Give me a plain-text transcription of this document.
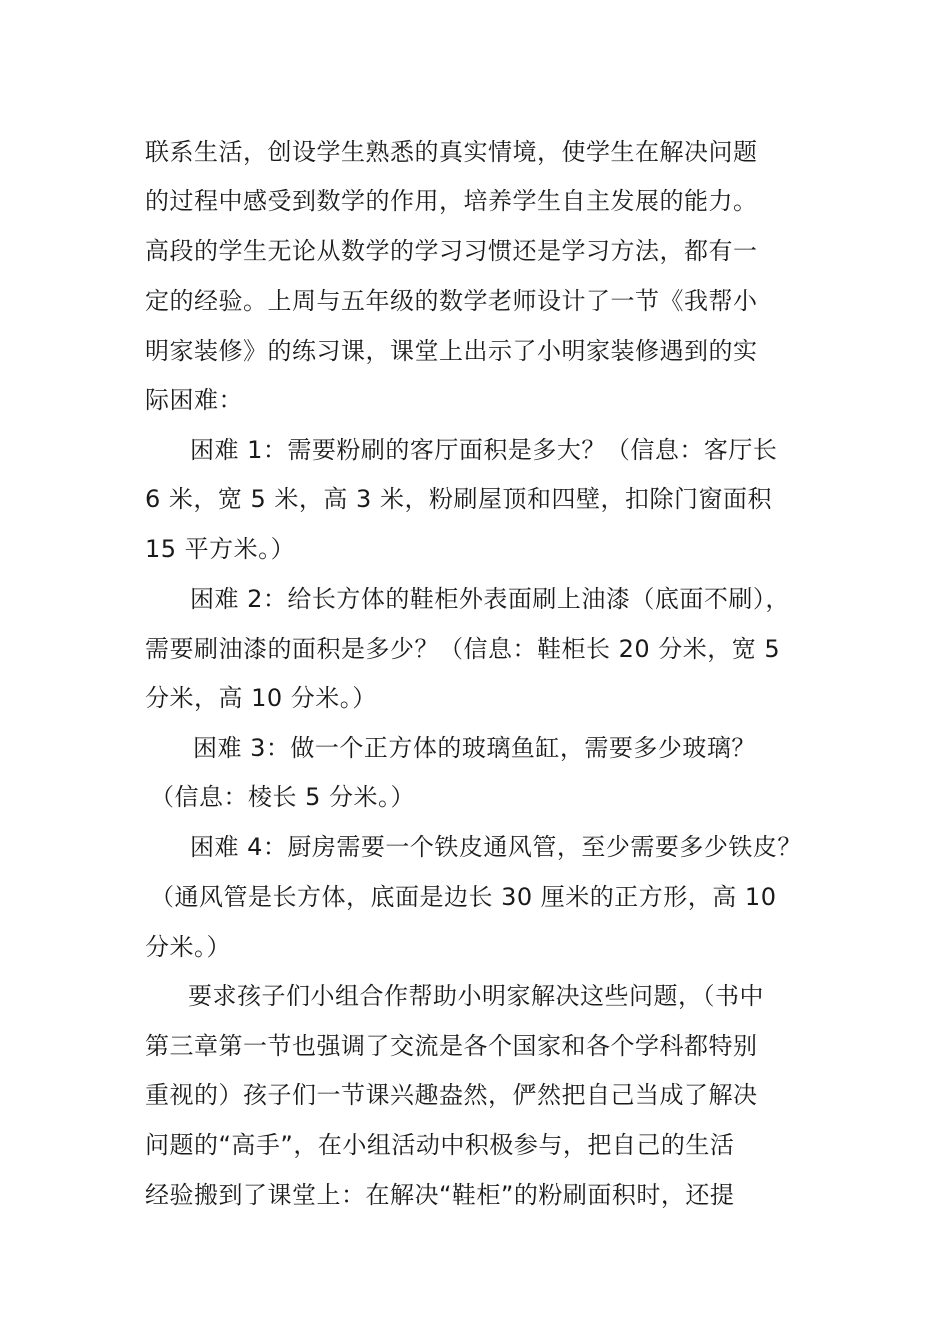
联系生活，创设学生熟悉的真实情境，使学生在解决问题
的过程中感受到数学的作用，培养学生自主发展的能力。
高段的学生无论从数学的学习习惯还是学习方法，都有一
定的经验。上周与五年级的数学老师设计了一节《我帮小
明家装修》的练习课，课堂上出示了小明家装修遇到的实
际困难：
困难 1：需要粉刷的客厅面积是多大？（信息：客厅长
6 米，宽 5 米，高 3 米，粉刷屋顶和四壁，扣除门窗面积
15 平方米。）
困难 2：给长方体的鞋柜外表面刷上油漆（底面不刷），
需要刷油漆的面积是多少？（信息：鞋柜长 20 分米，宽 5
分米，高 10 分米。）
困难 3：做一个正方体的玻璃鱼缸，需要多少玻璃？
（信息：棱长 5 分米。）
困难 4：厨房需要一个铁皮通风管，至少需要多少铁皮？
（通风管是长方体，底面是边长 30 厘米的正方形，高 10
分米。）
要求孩子们小组合作帮助小明家解决这些问题，（书中
第三章第一节也强调了交流是各个国家和各个学科都特别
重视的）孩子们一节课兴趣盎然，俨然把自己当成了解决
问题的“高手”，在小组活动中积极参与，把自己的生活
经验搬到了课堂上：在解决“鞋柜”的粉刷面积时，还提
